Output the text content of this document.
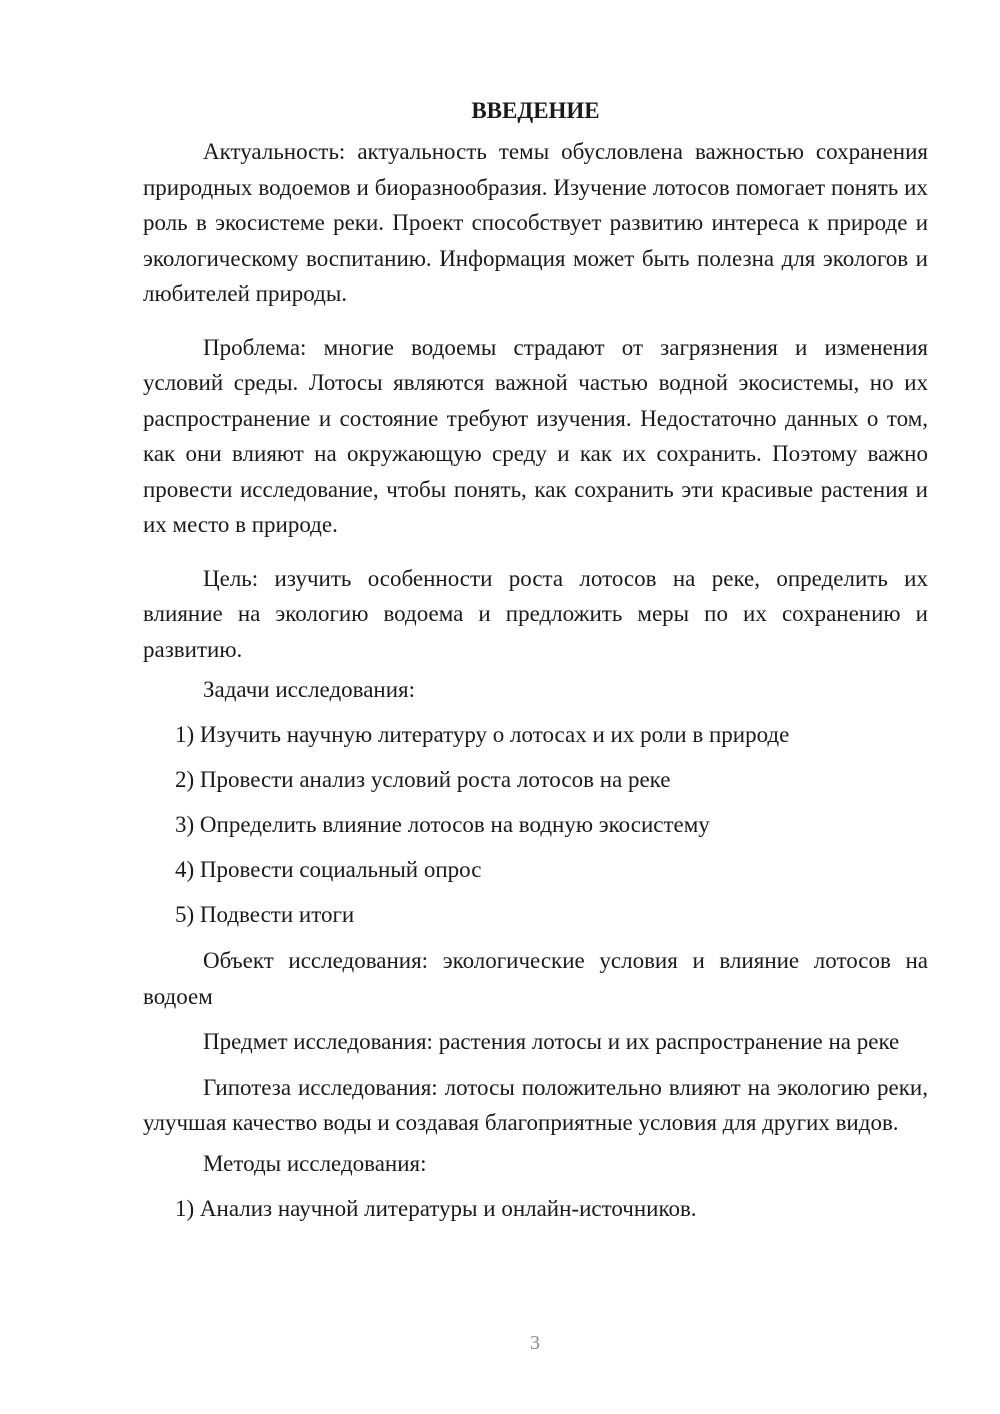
ВВЕДЕНИЕ

Актуальность: актуальность темы обусловлена важностью сохранения природных водоемов и биоразнообразия. Изучение лотосов помогает понять их роль в экосистеме реки. Проект способствует развитию интереса к природе и экологическому воспитанию. Информация может быть полезна для экологов и любителей природы.

Проблема: многие водоемы страдают от загрязнения и изменения условий среды. Лотосы являются важной частью водной экосистемы, но их распространение и состояние требуют изучения. Недостаточно данных о том, как они влияют на окружающую среду и как их сохранить. Поэтому важно провести исследование, чтобы понять, как сохранить эти красивые растения и их место в природе.

Цель: изучить особенности роста лотосов на реке, определить их влияние на экологию водоема и предложить меры по их сохранению и развитию.

Задачи исследования:

1) Изучить научную литературу о лотосах и их роли в природе

2) Провести анализ условий роста лотосов на реке

3) Определить влияние лотосов на водную экосистему

4) Провести социальный опрос

5) Подвести итоги

Объект исследования: экологические условия и влияние лотосов на водоем

Предмет исследования: растения лотосы и их распространение на реке

Гипотеза исследования: лотосы положительно влияют на экологию реки, улучшая качество воды и создавая благоприятные условия для других видов.

Методы исследования:

1) Анализ научной литературы и онлайн-источников.

3
